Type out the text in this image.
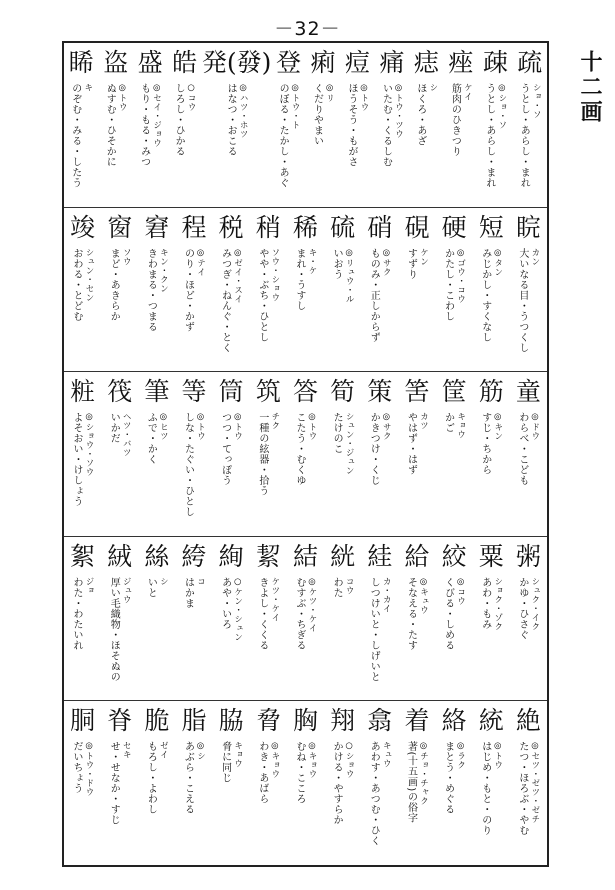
－32－
疏
ショ・ソ
うとし・あらし・まれ
疎
◎ショ・ソ
うとし・あらし・まれ
痤
ケイ
筋肉のひきつり
痣
シ
ほくろ・あざ
痛
◎トウ・ツウ
いたむ・くるしむ
痘
◎トウ
ほうそう・もがさ
痢
◎リ
くだりやまい
登
◎トウ・ト
のぼる・たかし・あぐ
発(發)
◎ハツ・ホツ
はなつ・おこる
皓
○コウ
しろし・ひかる
盛
◎セイ・ジョウ
もり・もる・みつ
盗
◎トウ
ぬすむ・ひそかに
睎
キ
のぞむ・みる・したう
睆
カン
大いなる目・うつくし
短
◎タン
みじかし・すくなし
硬
◎ゴウ・コウ
かたし・こわし
硯
ケン
すずり
硝
◎サク
ものみ・正しからず
硫
◎リュウ・ル
いおう
稀
キ・ケ
まれ・うすし
稍
ソウ・ショウ
やや・ぶち・ひとし
税
◎ゼイ・スイ
みつぎ・ねんぐ・とく
程
◎テイ
のり・ほど・かず
窘
キン・クン
きわまる・つまる
窗
ソウ
まど・あきらか
竣
シュン・セン
おわる・とどむ
童
◎ドウ
わらべ・こども
筋
◎キン
すじ・ちから
筐
キョウ
かご
筈
カツ
やはず・はず
策
◎サク
かきつけ・くじ
筍
シュン・ジュン
たけのこ
答
◎トウ
こたう・むくゆ
筑
チク
一種の絃器・拾う
筒
◎トウ
つつ・てっぽう
等
◎トウ
しな・たぐい・ひとし
筆
◎ヒツ
ふで・かく
筏
ヘツ・バツ
いかだ
粧
◎ショウ・ソウ
よそおい・けしょう
粥
シュク・イク
かゆ・ひさぐ
粟
ショク・ゾク
あわ・もみ
絞
◎コウ
くびる・しめる
給
◎キュウ
そなえる・たす
絓
カ・カイ
しつけいと・しげいと
絖
コウ
わた
結
◎ケツ・ケイ
むすぶ・ちぎる
絜
ケツ・ケイ
きよし・くくる
絢
○ケン・シュン
あや・いろ
絝
コ
はかま
絲
シ
いと
絨
ジュウ
厚い毛織物・ほそぬの
絮
ジョ
わた・わたいれ
絶
◎セツ・ゼツ・ゼチ
たつ・ほろぶ・やむ
統
◎トウ
はじめ・もと・のり
絡
◎ラク
まとう・めぐる
着
◎チョ・チャク
著(十五画)の俗字
翕
キュウ
あわす・あつむ・ひく
翔
○ショウ
かける・やすらか
胸
◎キョウ
むね・こころ
脅
◎キョウ
わき・あばら
脇
キョウ
脅に同じ
脂
◎シ
あぶら・こえる
脆
ゼイ
もろし・よわし
脊
セキ
せ・せなか・すじ
胴
◎トウ・ドウ
だいちょう
十二画
